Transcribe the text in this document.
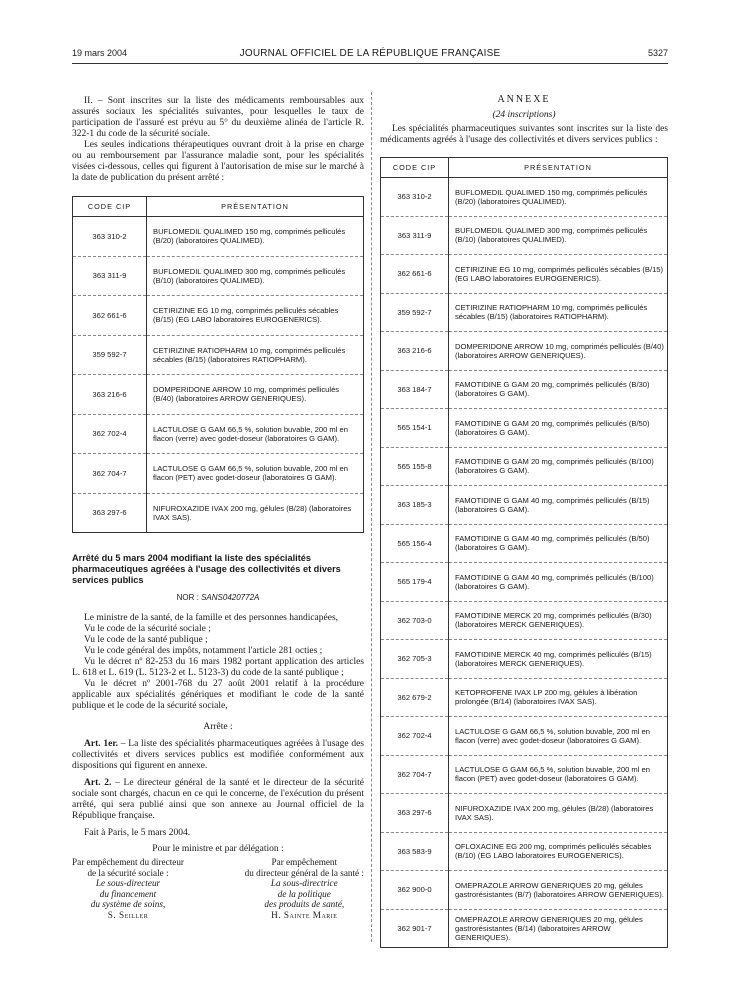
19 mars 2004	JOURNAL OFFICIEL DE LA RÉPUBLIQUE FRANÇAISE	5327

II. – Sont inscrites sur la liste des médicaments remboursables aux assurés sociaux les spécialités suivantes, pour lesquelles le taux de participation de l'assuré est prévu au 5° du deuxième alinéa de l'article R. 322-1 du code de la sécurité sociale.

Les seules indications thérapeutiques ouvrant droit à la prise en charge ou au remboursement par l'assurance maladie sont, pour les spécialités visées ci-dessous, celles qui figurent à l'autorisation de mise sur le marché à la date de publication du présent arrêté :

CODE CIP	PRÉSENTATION
363 310-2	BUFLOMEDIL QUALIMED 150 mg, comprimés pelliculés (B/20) (laboratoires QUALIMED).
363 311-9	BUFLOMEDIL QUALIMED 300 mg, comprimés pelliculés (B/10) (laboratoires QUALIMED).
362 661-6	CETIRIZINE EG 10 mg, comprimés pelliculés sécables (B/15) (EG LABO laboratoires EUROGENERICS).
359 592-7	CETIRIZINE RATIOPHARM 10 mg, comprimés pelliculés sécables (B/15) (laboratoires RATIOPHARM).
363 216-6	DOMPERIDONE ARROW 10 mg, comprimés pelliculés (B/40) (laboratoires ARROW GENERIQUES).
362 702-4	LACTULOSE G GAM 66,5 %, solution buvable, 200 ml en flacon (verre) avec godet-doseur (laboratoires G GAM).
362 704-7	LACTULOSE G GAM 66,5 %, solution buvable, 200 ml en flacon (PET) avec godet-doseur (laboratoires G GAM).
363 297-6	NIFUROXAZIDE IVAX 200 mg, gélules (B/28) (laboratoires IVAX SAS).
Arrêté du 5 mars 2004 modifiant la liste des spécialités pharmaceutiques agréées à l'usage des collectivités et divers services publics
NOR : SANS0420772A

Le ministre de la santé, de la famille et des personnes handicapées,

Vu le code de la sécurité sociale ;

Vu le code de la santé publique ;

Vu le code général des impôts, notamment l'article 281 octies ;

Vu le décret nº 82-253 du 16 mars 1982 portant application des articles L. 618 et L. 619 (L. 5123-2 et L. 5123-3) du code de la santé publique ;

Vu le décret nº 2001-768 du 27 août 2001 relatif à la procédure applicable aux spécialités génériques et modifiant le code de la santé publique et le code de la sécurité sociale,

Arrête :

Art. 1er. – La liste des spécialités pharmaceutiques agréées à l'usage des collectivités et divers services publics est modifiée conformément aux dispositions qui figurent en annexe.

Art. 2. – Le directeur général de la santé et le directeur de la sécurité sociale sont chargés, chacun en ce qui le concerne, de l'exécution du présent arrêté, qui sera publié ainsi que son annexe au Journal officiel de la République française.

Fait à Paris, le 5 mars 2004.

Pour le ministre et par délégation :

Par empêchement du directeur
de la sécurité sociale :
Le sous-directeur
du financement
du système de soins,
S. Seiller
Par empêchement
du directeur général de la santé :
La sous-directrice
de la politique
des produits de santé,
H. Sainte Marie
ANNEXE
(24 inscriptions)

Les spécialités pharmaceutiques suivantes sont inscrites sur la liste des médicaments agréés à l'usage des collectivités et divers services publics :

CODE CIP	PRÉSENTATION
363 310-2	BUFLOMEDIL QUALIMED 150 mg, comprimés pelliculés (B/20) (laboratoires QUALIMED).
363 311-9	BUFLOMEDIL QUALIMED 300 mg, comprimés pelliculés (B/10) (laboratoires QUALIMED).
362 661-6	CETIRIZINE EG 10 mg, comprimés pelliculés sécables (B/15) (EG LABO laboratoires EUROGENERICS).
359 592-7	CETIRIZINE RATIOPHARM 10 mg, comprimés pelliculés sécables (B/15) (laboratoires RATIOPHARM).
363 216-6	DOMPERIDONE ARROW 10 mg, comprimés pelliculés (B/40) (laboratoires ARROW GENERIQUES).
363 184-7	FAMOTIDINE G GAM 20 mg, comprimés pelliculés (B/30) (laboratoires G GAM).
565 154-1	FAMOTIDINE G GAM 20 mg, comprimés pelliculés (B/50) (laboratoires G GAM).
565 155-8	FAMOTIDINE G GAM 20 mg, comprimés pelliculés (B/100) (laboratoires G GAM).
363 185-3	FAMOTIDINE G GAM 40 mg, comprimés pelliculés (B/15) (laboratoires G GAM).
565 156-4	FAMOTIDINE G GAM 40 mg, comprimés pelliculés (B/50) (laboratoires G GAM).
565 179-4	FAMOTIDINE G GAM 40 mg, comprimés pelliculés (B/100) (laboratoires G GAM).
362 703-0	FAMOTIDINE MERCK 20 mg, comprimés pelliculés (B/30) (laboratoires MERCK GENERIQUES).
362 705-3	FAMOTIDINE MERCK 40 mg, comprimés pelliculés (B/15) (laboratoires MERCK GENERIQUES).
362 679-2	KETOPROFENE IVAX LP 200 mg, gélules à libération prolongée (B/14) (laboratoires IVAX SAS).
362 702-4	LACTULOSE G GAM 66,5 %, solution buvable, 200 ml en flacon (verre) avec godet-doseur (laboratoires G GAM).
362 704-7	LACTULOSE G GAM 66,5 %, solution buvable, 200 ml en flacon (PET) avec godet-doseur (laboratoires G GAM).
363 297-6	NIFUROXAZIDE IVAX 200 mg, gélules (B/28) (laboratoires IVAX SAS).
363 583-9	OFLOXACINE EG 200 mg, comprimés pelliculés sécables (B/10) (EG LABO laboratoires EUROGENERICS).
362 900-0	OMEPRAZOLE ARROW GENERIQUES 20 mg, gélules gastrorésistantes (B/7) (laboratoires ARROW GENERIQUES).
362 901-7	OMEPRAZOLE ARROW GENERIQUES 20 mg, gélules gastrorésistantes (B/14) (laboratoires ARROW GENERIQUES).
